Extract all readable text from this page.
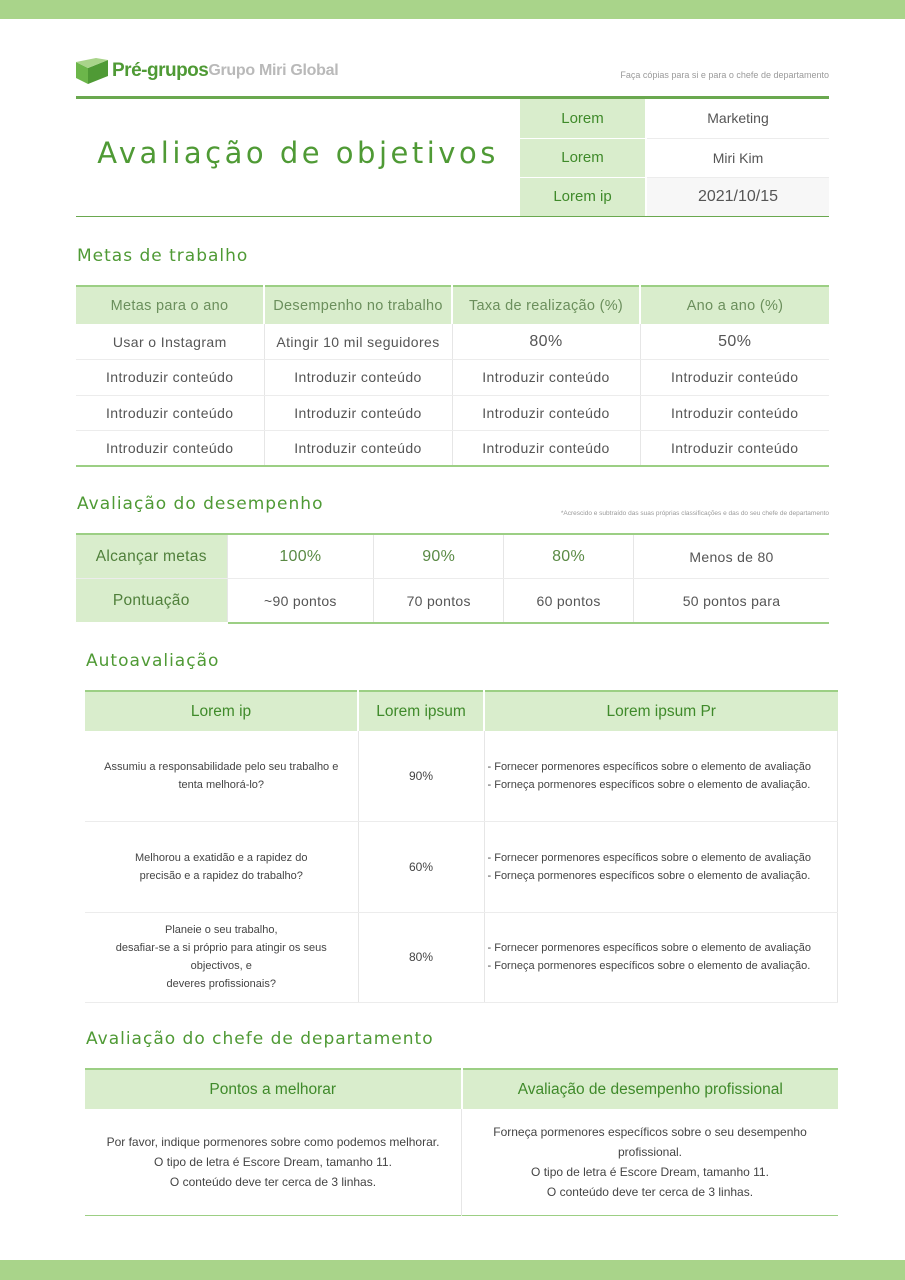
Pré-grupos Grupo Miri Global	Faça cópias para si e para o chefe de departamento
Avaliação de objetivos
Lorem	Marketing
Lorem	Miri Kim
Lorem ip	2021/10/15
Metas de trabalho
Metas para o ano	Desempenho no trabalho	Taxa de realização (%)	Ano a ano (%)
Usar o Instagram	Atingir 10 mil seguidores	80%	50%
Introduzir conteúdo	Introduzir conteúdo	Introduzir conteúdo	Introduzir conteúdo
Introduzir conteúdo	Introduzir conteúdo	Introduzir conteúdo	Introduzir conteúdo
Introduzir conteúdo	Introduzir conteúdo	Introduzir conteúdo	Introduzir conteúdo
Avaliação do desempenho	*Acrescido e subtraído das suas próprias classificações e das do seu chefe de departamento
Alcançar metas	100%	90%	80%	Menos de 80
Pontuação	~90 pontos	70 pontos	60 pontos	50 pontos para
Autoavaliação
Lorem ip	Lorem ipsum	Lorem ipsum Pr

Assumiu a responsabilidade pelo seu trabalho e
tenta melhorá-lo?	90%	- Fornecer pormenores específicos sobre o elemento de avaliação
- Forneça pormenores específicos sobre o elemento de avaliação.

Melhorou a exatidão e a rapidez do
precisão e a rapidez do trabalho?	60%	- Fornecer pormenores específicos sobre o elemento de avaliação
- Forneça pormenores específicos sobre o elemento de avaliação.

Planeie o seu trabalho,
desafiar-se a si próprio para atingir os seus objectivos, e
deveres profissionais?	80%	- Fornecer pormenores específicos sobre o elemento de avaliação
- Forneça pormenores específicos sobre o elemento de avaliação.
Avaliação do chefe de departamento
Pontos a melhorar	Avaliação de desempenho profissional

Por favor, indique pormenores sobre como podemos melhorar.
O tipo de letra é Escore Dream, tamanho 11.
O conteúdo deve ter cerca de 3 linhas.	Forneça pormenores específicos sobre o seu desempenho profissional.
O tipo de letra é Escore Dream, tamanho 11.
O conteúdo deve ter cerca de 3 linhas.
